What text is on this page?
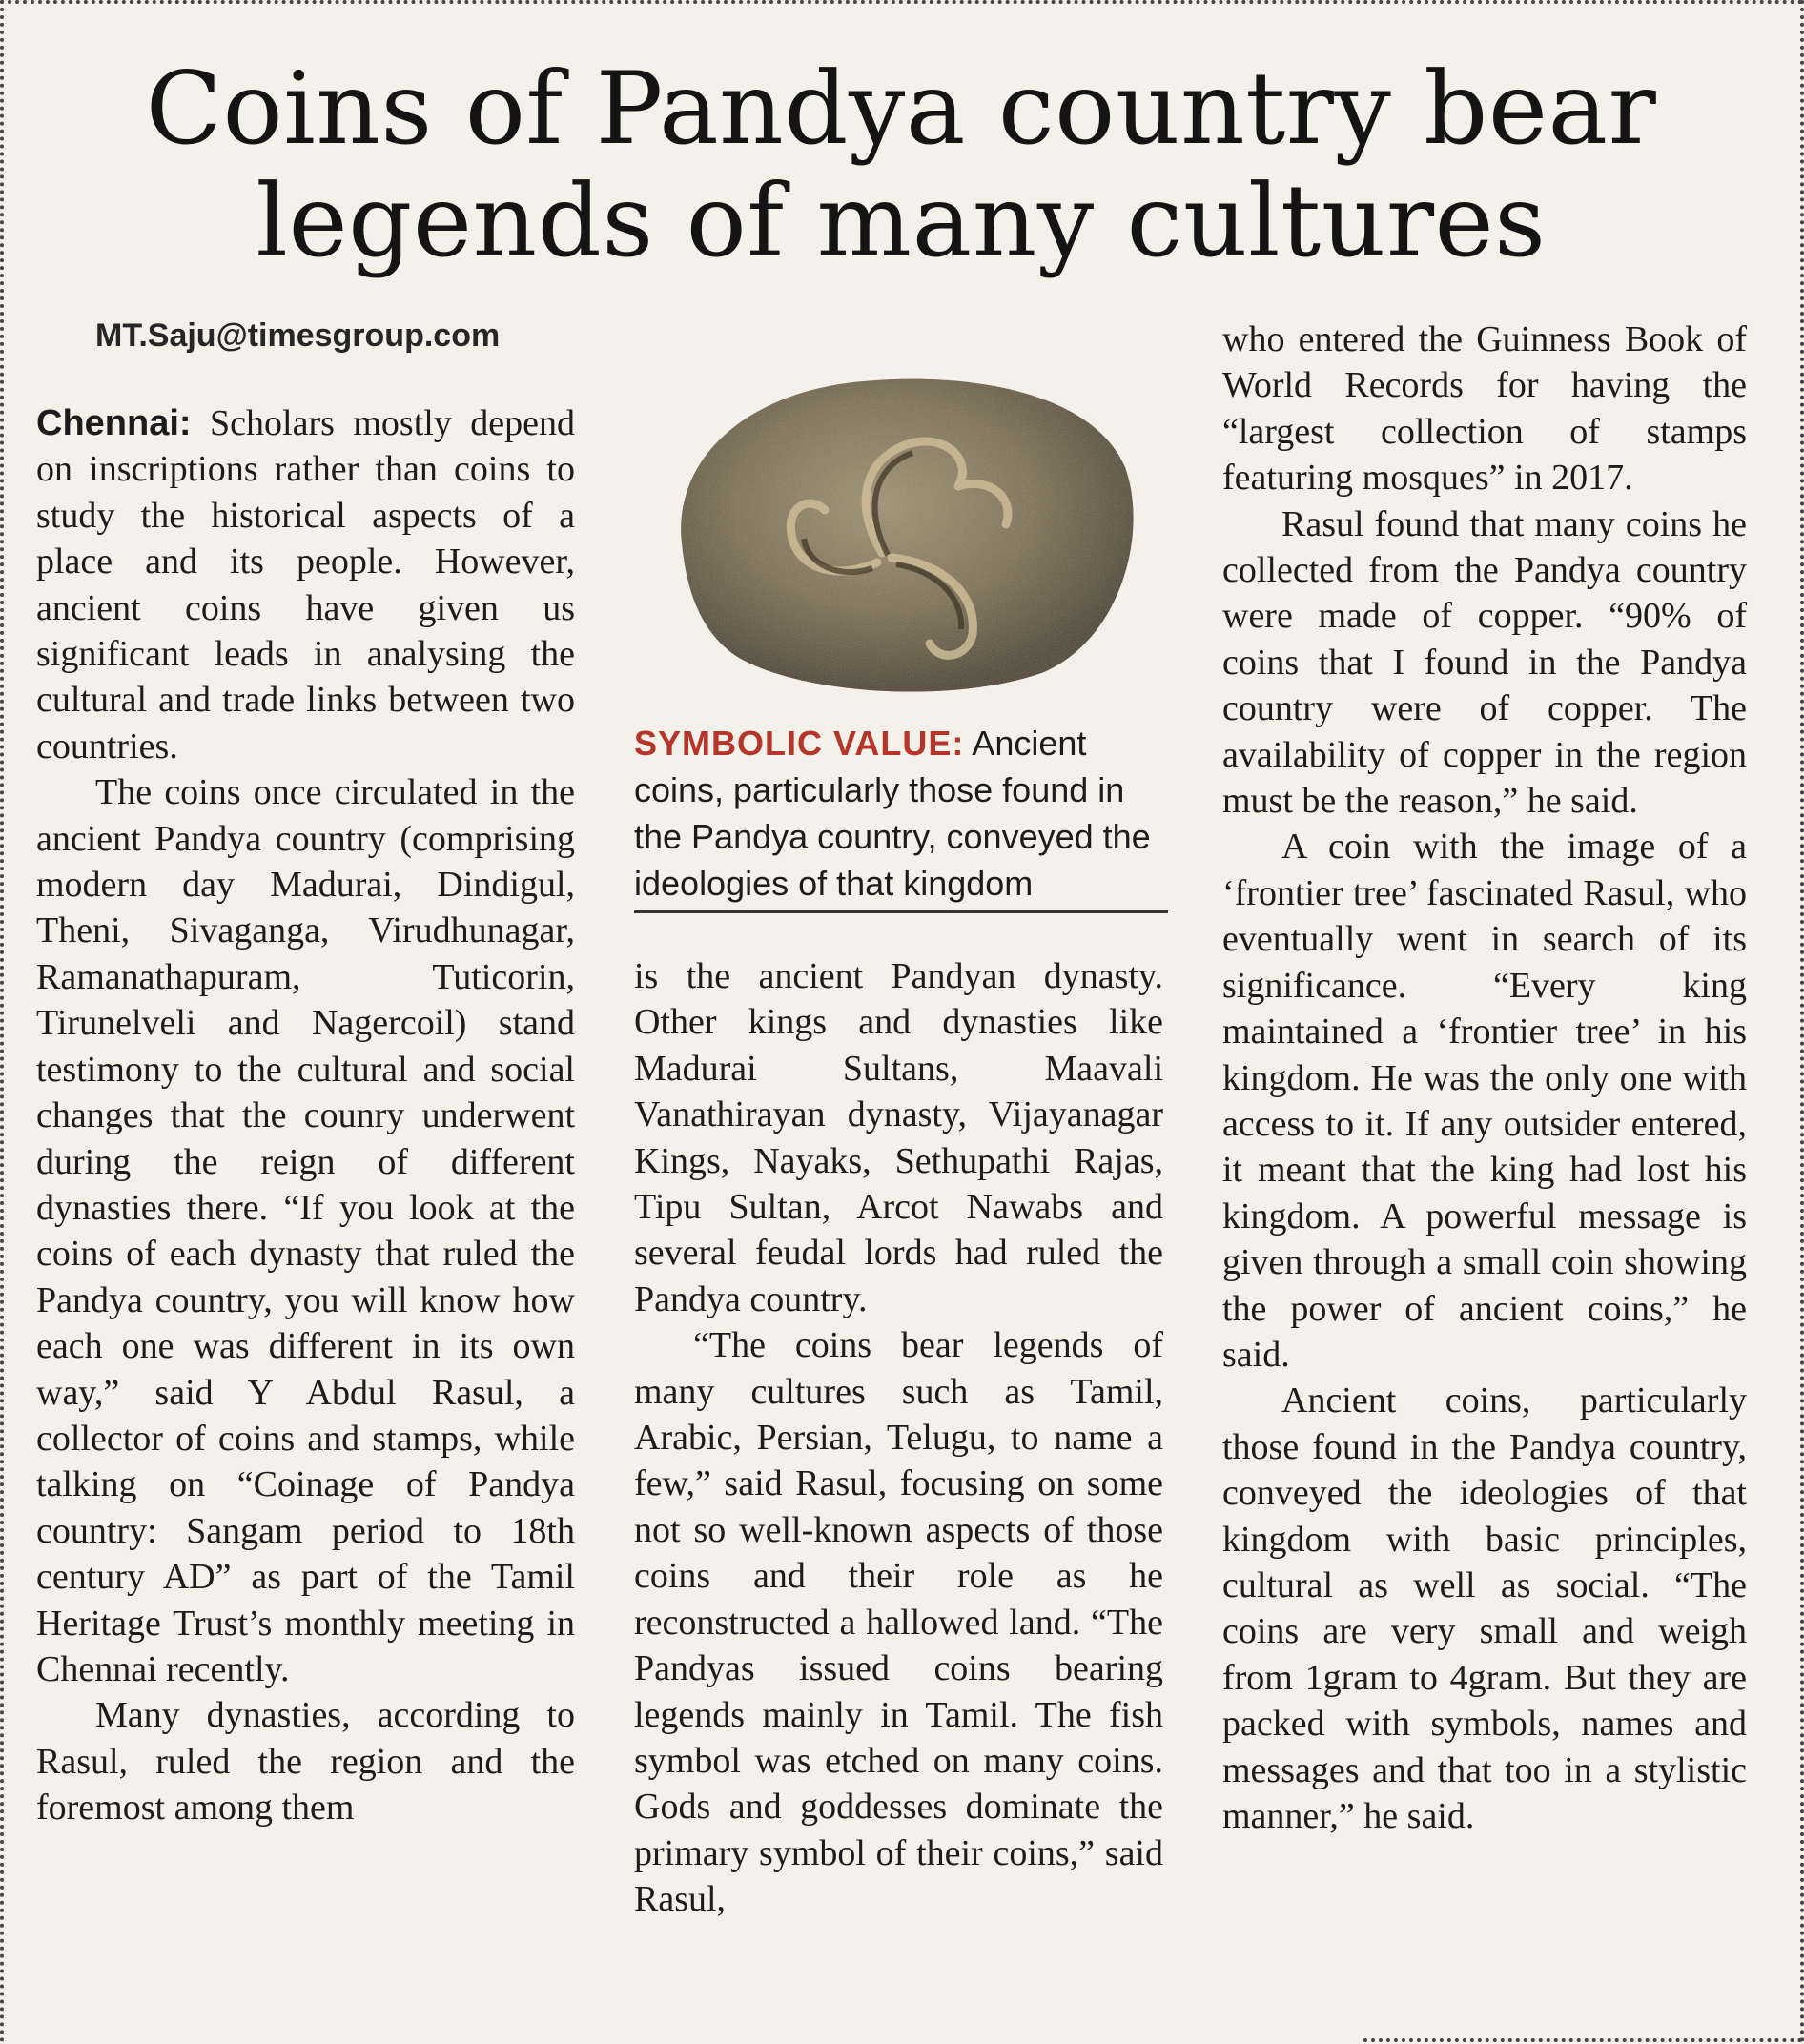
Coins of Pandya country bear legends of many cultures
MT.Saju@timesgroup.com

Chennai: Scholars mostly depend on inscriptions rather than coins to study the historical aspects of a place and its people. However, ancient coins have given us significant leads in analysing the cultural and trade links between two countries.

The coins once circulated in the ancient Pandya country (comprising modern day Madurai, Dindigul, Theni, Sivaganga, Virudhunagar, Ramanathapuram, Tuticorin, Tirunelveli and Nagercoil) stand testimony to the cultural and social changes that the counry underwent during the reign of different dynasties there. “If you look at the coins of each dynasty that ruled the Pandya country, you will know how each one was different in its own way,” said Y Abdul Rasul, a collector of coins and stamps, while talking on “Coinage of Pandya country: Sangam period to 18th century AD” as part of the Tamil Heritage Trust’s monthly meeting in Chennai recently.

Many dynasties, according to Rasul, ruled the region and the foremost among them

SYMBOLIC VALUE: Ancient coins, particularly those found in the Pandya country, conveyed the ideologies of that kingdom

is the ancient Pandyan dynasty. Other kings and dynasties like Madurai Sultans, Maavali Vanathirayan dynasty, Vijayanagar Kings, Nayaks, Sethupathi Rajas, Tipu Sultan, Arcot Nawabs and several feudal lords had ruled the Pandya country.

“The coins bear legends of many cultures such as Tamil, Arabic, Persian, Telugu, to name a few,” said Rasul, focusing on some not so well-known aspects of those coins and their role as he reconstructed a hallowed land. “The Pandyas issued coins bearing legends mainly in Tamil. The fish symbol was etched on many coins. Gods and goddesses dominate the primary symbol of their coins,” said Rasul,

who entered the Guinness Book of World Records for having the “largest collection of stamps featuring mosques” in 2017.

Rasul found that many coins he collected from the Pandya country were made of copper. “90% of coins that I found in the Pandya country were of copper. The availability of copper in the region must be the reason,” he said.

A coin with the image of a ‘frontier tree’ fascinated Rasul, who eventually went in search of its significance. “Every king maintained a ‘frontier tree’ in his kingdom. He was the only one with access to it. If any outsider entered, it meant that the king had lost his kingdom. A powerful message is given through a small coin showing the power of ancient coins,” he said.

Ancient coins, particularly those found in the Pandya country, conveyed the ideologies of that kingdom with basic principles, cultural as well as social. “The coins are very small and weigh from 1gram to 4gram. But they are packed with symbols, names and messages and that too in a stylistic manner,” he said.
